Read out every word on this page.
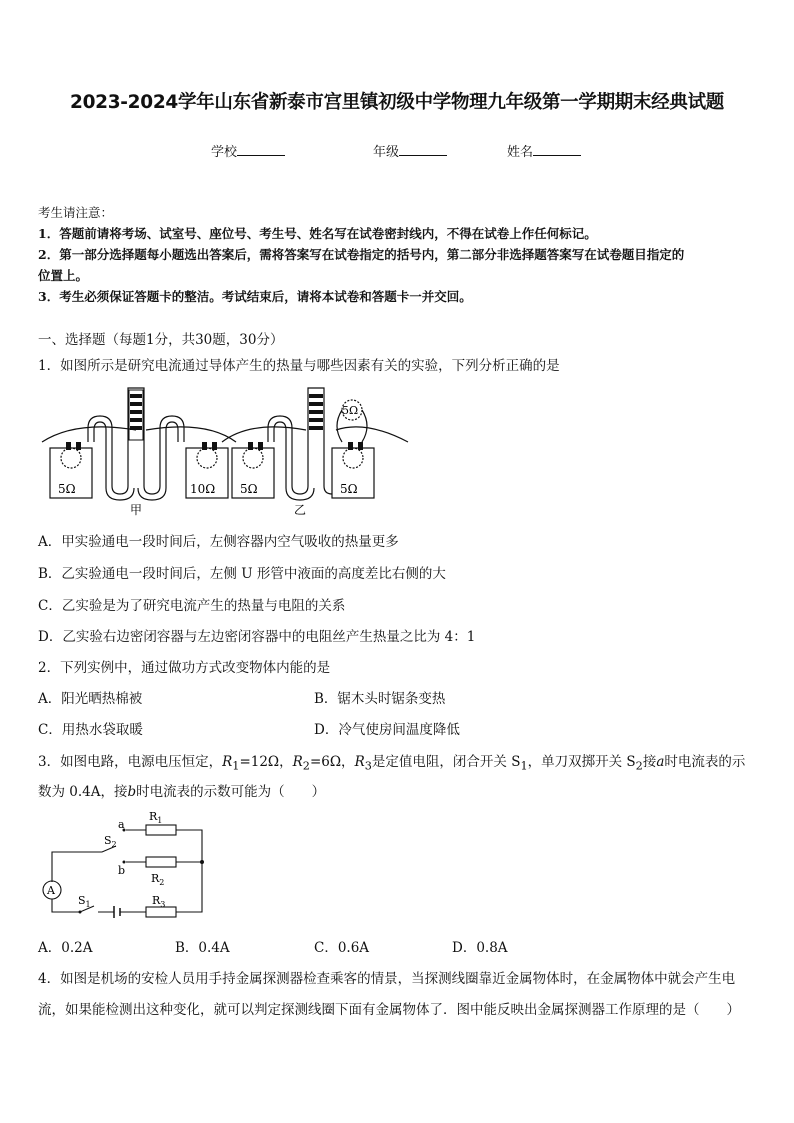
2023-2024学年山东省新泰市宫里镇初级中学物理九年级第一学期期末经典试题
学校	年级	姓名
考生请注意：
1．答题前请将考场、试室号、座位号、考生号、姓名写在试卷密封线内，不得在试卷上作任何标记。
2．第一部分选择题每小题选出答案后，需将答案写在试卷指定的括号内，第二部分非选择题答案写在试卷题目指定的
位置上。
3．考生必须保证答题卡的整洁。考试结束后，请将本试卷和答题卡一并交回。
一、选择题（每题1分，共30题，30分）
1．如图所示是研究电流通过导体产生的热量与哪些因素有关的实验，下列分析正确的是
5Ω	10Ω
甲
5Ω	5Ω
5Ω
乙
A．甲实验通电一段时间后，左侧容器内空气吸收的热量更多
B．乙实验通电一段时间后，左侧 U 形管中液面的高度差比右侧的大
C．乙实验是为了研究电流产生的热量与电阻的关系
D．乙实验右边密闭容器与左边密闭容器中的电阻丝产生热量之比为 4：1
2．下列实例中，通过做功方式改变物体内能的是
A．阳光晒热棉被	B．锯木头时锯条变热
C．用热水袋取暖	D．冷气使房间温度降低
3．如图电路，电源电压恒定，$R_1=12\Omega$，$R_2=6\Omega$，$R_3$是定值电阻，闭合开关 $S_1$，单刀双掷开关 $S_2$接a时电流表的示
数为 0.4A，接b时电流表的示数可能为（　　）
A
a
b
$R_1$
$R_2$
$R_3$
$S_2$
$S_1$
A．0.2A	B．0.4A	C．0.6A	D．0.8A
4．如图是机场的安检人员用手持金属探测器检查乘客的情景，当探测线圈靠近金属物体时，在金属物体中就会产生电
流，如果能检测出这种变化，就可以判定探测线圈下面有金属物体了．图中能反映出金属探测器工作原理的是（　　）
